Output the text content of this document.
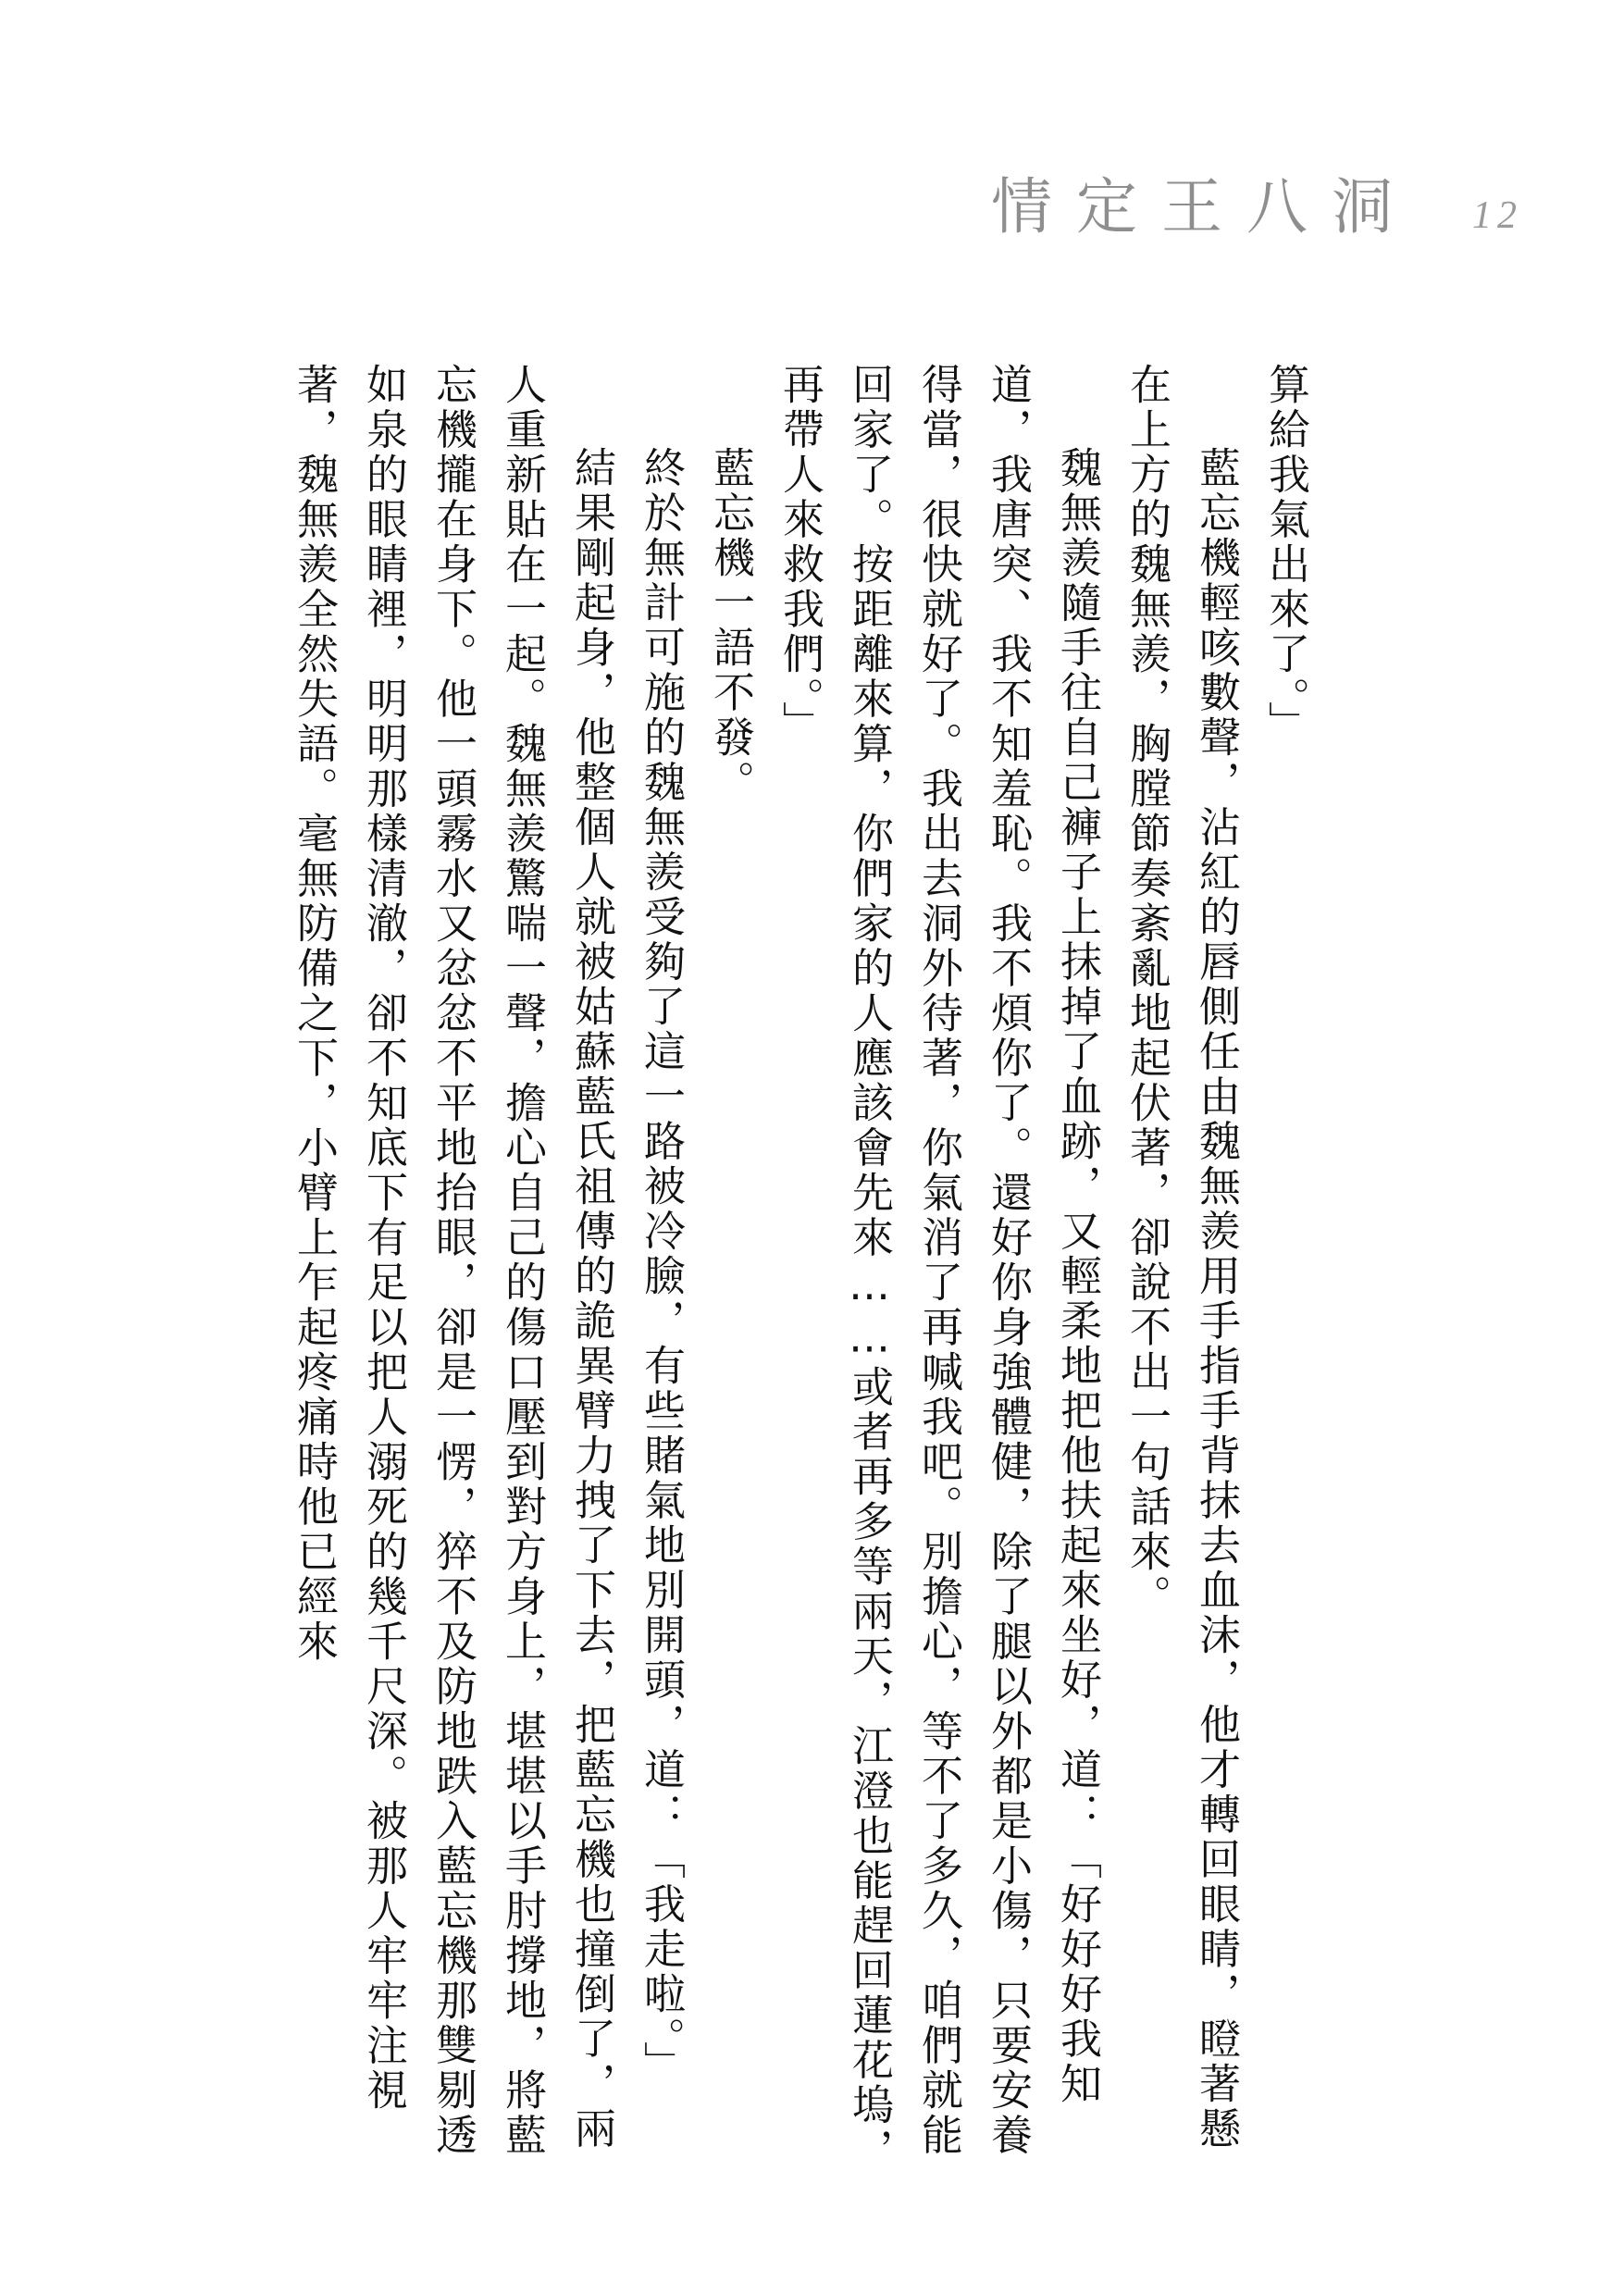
情定王八洞 12

算給我氣出來了。」

藍忘機輕咳數聲，沾紅的唇側任由魏無羨用手指手背抹去血沫，他才轉回眼睛，瞪著懸在上方的魏無羨，胸膛節奏紊亂地起伏著，卻說不出一句話來。

魏無羨隨手往自己褲子上抹掉了血跡，又輕柔地把他扶起來坐好，道：「好好好我知道，我唐突、我不知羞恥。我不煩你了。還好你身強體健，除了腿以外都是小傷，只要安養得當，很快就好了。我出去洞外待著，你氣消了再喊我吧。別擔心，等不了多久，咱們就能回家了。按距離來算，你們家的人應該會先來……或者再多等兩天，江澄也能趕回蓮花塢，再帶人來救我們。」

藍忘機一語不發。

終於無計可施的魏無羨受夠了這一路被冷臉，有些賭氣地別開頭，道：「我走啦。」

結果剛起身，他整個人就被姑蘇藍氏祖傳的詭異臂力拽了下去，把藍忘機也撞倒了，兩人重新貼在一起。魏無羨驚喘一聲，擔心自己的傷口壓到對方身上，堪堪以手肘撐地，將藍忘機攏在身下。他一頭霧水又忿忿不平地抬眼，卻是一愣，猝不及防地跌入藍忘機那雙剔透如泉的眼睛裡，明明那樣清澈，卻不知底下有足以把人溺死的幾千尺深。被那人牢牢注視著，魏無羨全然失語。毫無防備之下，小臂上乍起疼痛時他已經來
